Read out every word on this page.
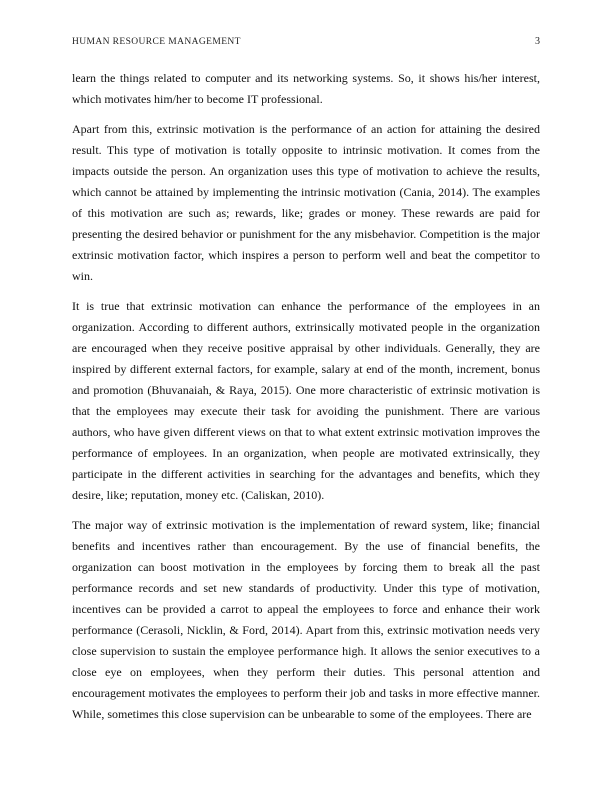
HUMAN RESOURCE MANAGEMENT	3

learn the things related to computer and its networking systems. So, it shows his/her interest, which motivates him/her to become IT professional.

Apart from this, extrinsic motivation is the performance of an action for attaining the desired result. This type of motivation is totally opposite to intrinsic motivation. It comes from the impacts outside the person. An organization uses this type of motivation to achieve the results, which cannot be attained by implementing the intrinsic motivation (Cania, 2014). The examples of this motivation are such as; rewards, like; grades or money. These rewards are paid for presenting the desired behavior or punishment for the any misbehavior. Competition is the major extrinsic motivation factor, which inspires a person to perform well and beat the competitor to win.

It is true that extrinsic motivation can enhance the performance of the employees in an organization. According to different authors, extrinsically motivated people in the organization are encouraged when they receive positive appraisal by other individuals. Generally, they are inspired by different external factors, for example, salary at end of the month, increment, bonus and promotion (Bhuvanaiah, & Raya, 2015). One more characteristic of extrinsic motivation is that the employees may execute their task for avoiding the punishment. There are various authors, who have given different views on that to what extent extrinsic motivation improves the performance of employees. In an organization, when people are motivated extrinsically, they participate in the different activities in searching for the advantages and benefits, which they desire, like; reputation, money etc. (Caliskan, 2010).

The major way of extrinsic motivation is the implementation of reward system, like; financial benefits and incentives rather than encouragement. By the use of financial benefits, the organization can boost motivation in the employees by forcing them to break all the past performance records and set new standards of productivity. Under this type of motivation, incentives can be provided a carrot to appeal the employees to force and enhance their work performance (Cerasoli, Nicklin, & Ford, 2014). Apart from this, extrinsic motivation needs very close supervision to sustain the employee performance high. It allows the senior executives to a close eye on employees, when they perform their duties. This personal attention and encouragement motivates the employees to perform their job and tasks in more effective manner. While, sometimes this close supervision can be unbearable to some of the employees. There are
